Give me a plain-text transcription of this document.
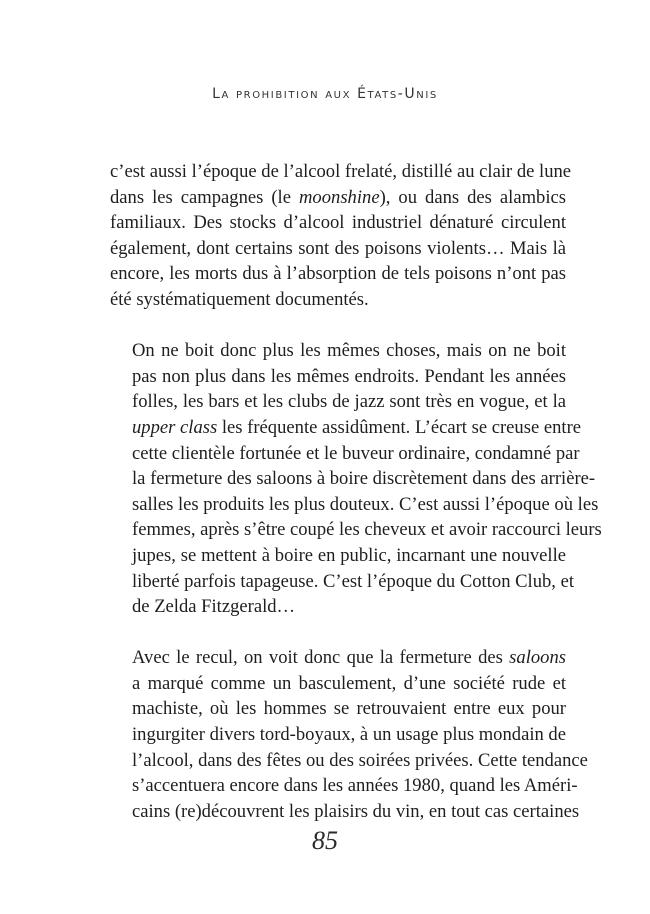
La prohibition aux États-Unis

c’est aussi l’époque de l’alcool frelaté, distillé au clair de lune
dans les campagnes (le moonshine), ou dans des alambics
familiaux. Des stocks d’alcool industriel dénaturé circulent
également, dont certains sont des poisons violents… Mais là
encore, les morts dus à l’absorption de tels poisons n’ont pas
été systématiquement documentés.

On ne boit donc plus les mêmes choses, mais on ne boit
pas non plus dans les mêmes endroits. Pendant les années
folles, les bars et les clubs de jazz sont très en vogue, et la
upper class les fréquente assidûment. L’écart se creuse entre
cette clientèle fortunée et le buveur ordinaire, condamné par
la fermeture des saloons à boire discrètement dans des arrière-
salles les produits les plus douteux. C’est aussi l’époque où les
femmes, après s’être coupé les cheveux et avoir raccourci leurs
jupes, se mettent à boire en public, incarnant une nouvelle
liberté parfois tapageuse. C’est l’époque du Cotton Club, et
de Zelda Fitzgerald…

Avec le recul, on voit donc que la fermeture des saloons
a marqué comme un basculement, d’une société rude et
machiste, où les hommes se retrouvaient entre eux pour
ingurgiter divers tord-boyaux, à un usage plus mondain de
l’alcool, dans des fêtes ou des soirées privées. Cette tendance
s’accentuera encore dans les années 1980, quand les Améri-
cains (re)découvrent les plaisirs du vin, en tout cas certaines

85
